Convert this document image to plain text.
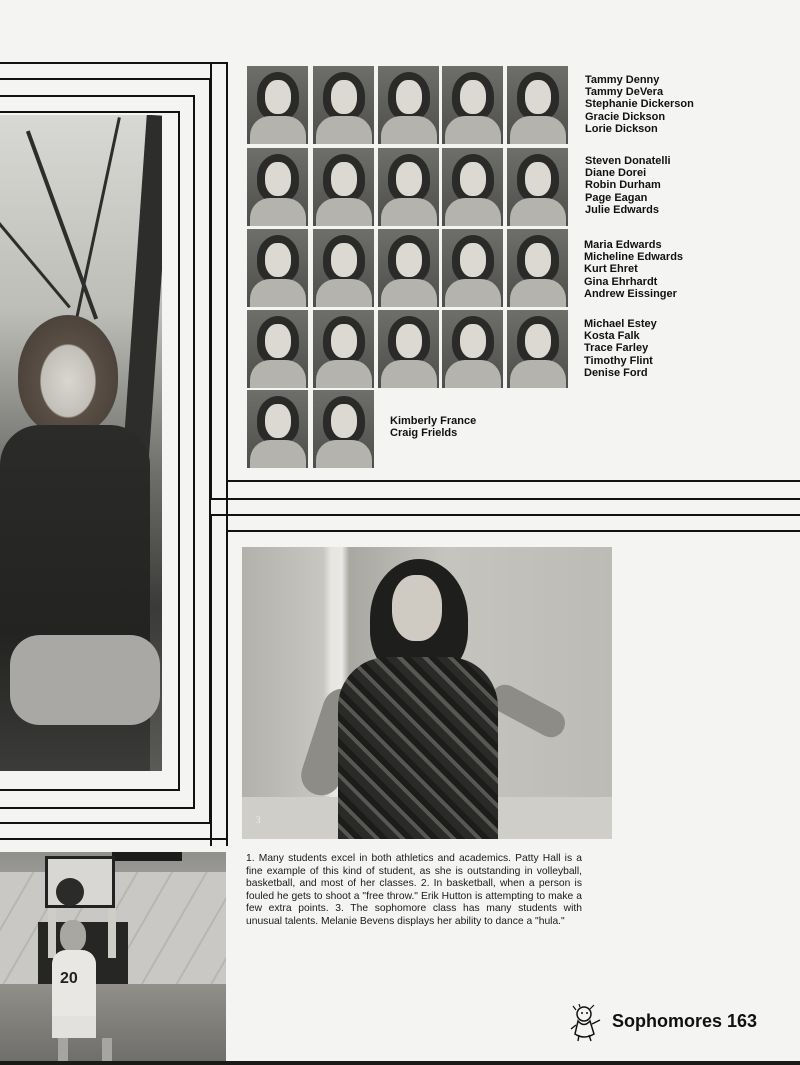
Tammy Denny
Tammy DeVera
Stephanie Dickerson
Gracie Dickson
Lorie Dickson
Steven Donatelli
Diane Dorei
Robin Durham
Page Eagan
Julie Edwards
Maria Edwards
Micheline Edwards
Kurt Ehret
Gina Ehrhardt
Andrew Eissinger
Michael Estey
Kosta Falk
Trace Farley
Timothy Flint
Denise Ford
Kimberly France
Craig Frields
3
20

1. Many students excel in both athletics and academics. Patty Hall is a fine example of this kind of student, as she is outstanding in volleyball, basketball, and most of her classes. 2. In basketball, when a person is fouled he gets to shoot a "free throw." Erik Hutton is attempting to make a few extra points. 3. The sophomore class has many students with unusual talents. Melanie Bevens displays her ability to dance a "hula."

Sophomores 163
